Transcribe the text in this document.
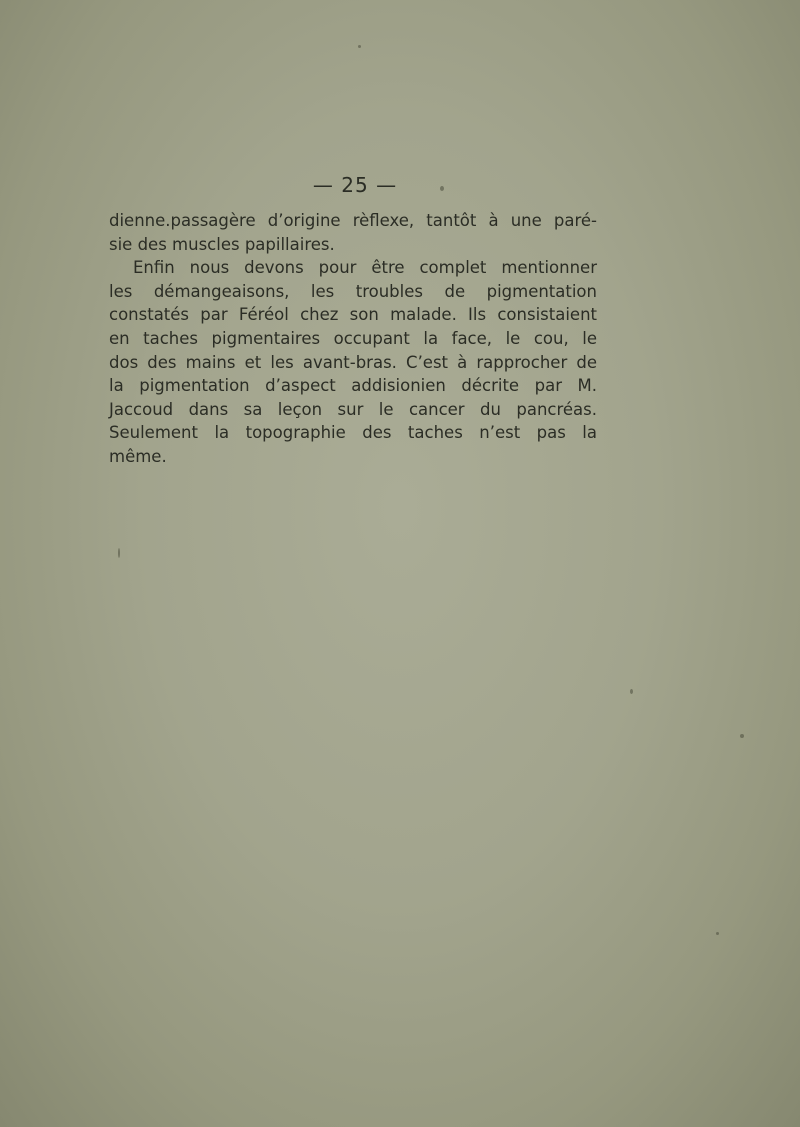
— 25 —
dienne.passagère d’origine rèflexe, tantôt à une paré-
sie des muscles papillaires.
Enfin nous devons pour être complet mentionner
les démangeaisons, les troubles de pigmentation
constatés par Féréol chez son malade. Ils consistaient
en taches pigmentaires occupant la face, le cou, le
dos des mains et les avant-bras. C’est à rapprocher de
la pigmentation d’aspect addisionien décrite par M.
Jaccoud dans sa leçon sur le cancer du pancréas.
Seulement la topographie des taches n’est pas la
même.
